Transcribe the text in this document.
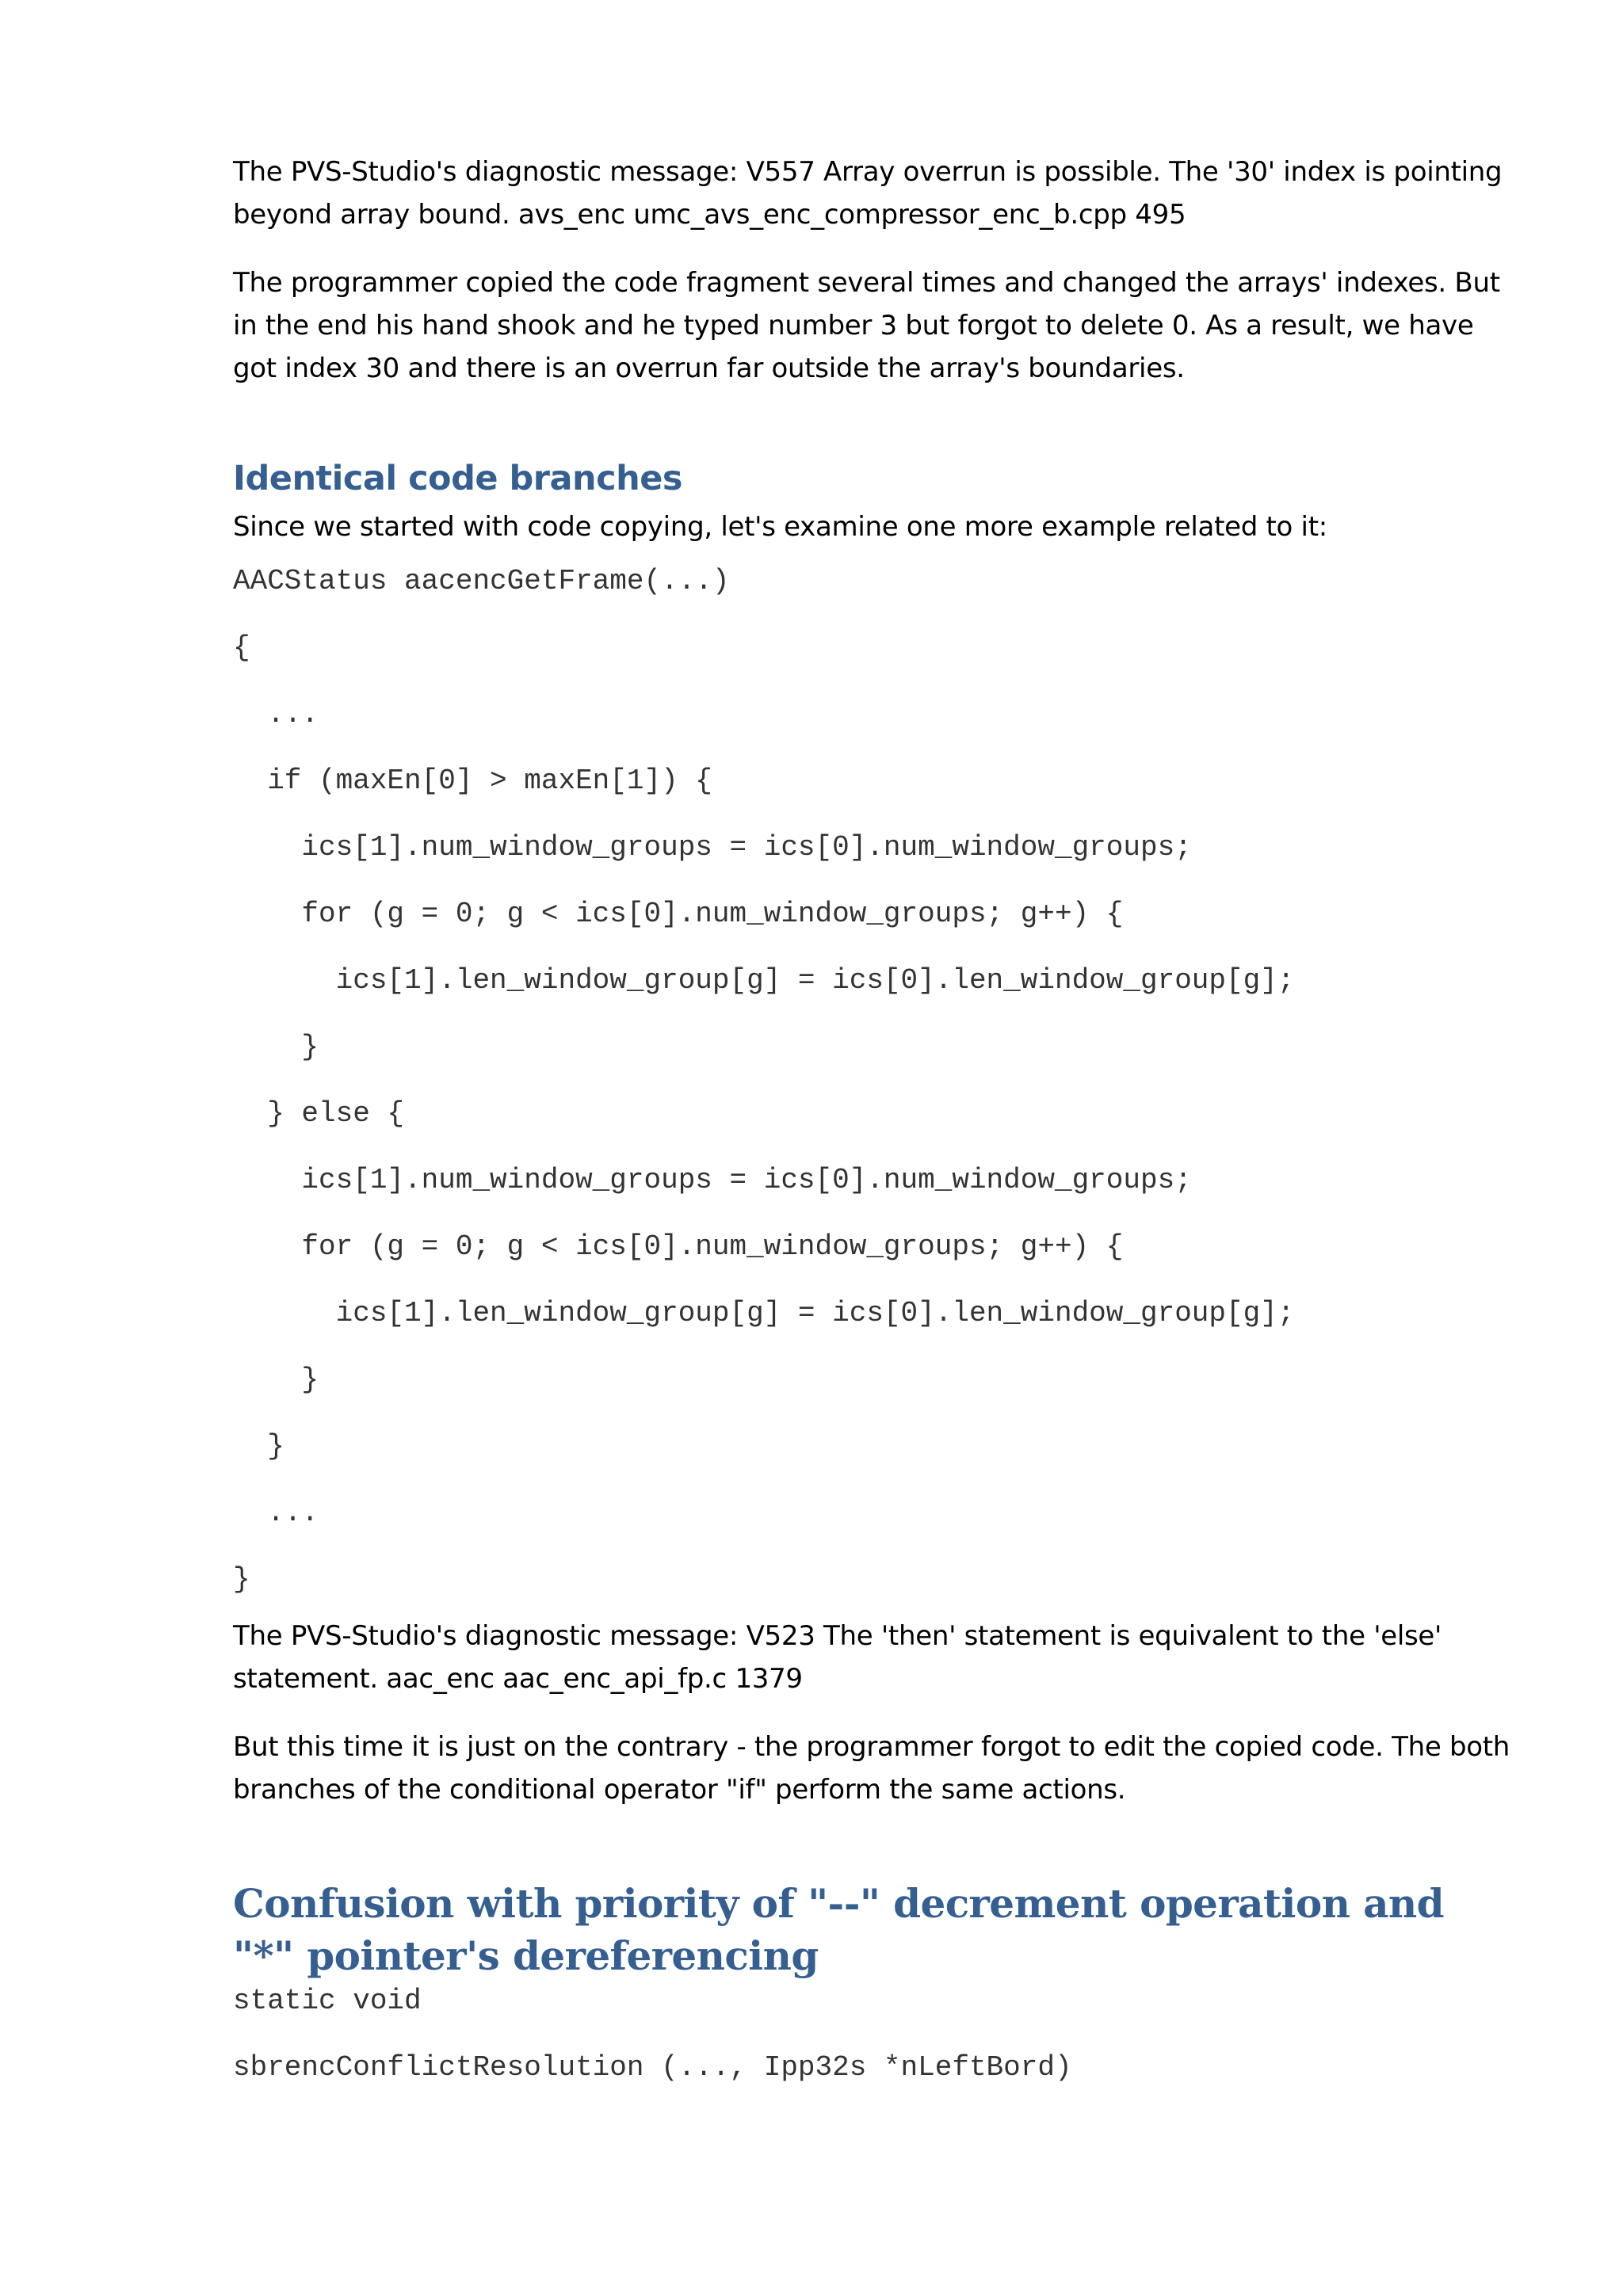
The PVS-Studio's diagnostic message: V557 Array overrun is possible. The '30' index is pointing beyond array bound. avs_enc umc_avs_enc_compressor_enc_b.cpp 495

The programmer copied the code fragment several times and changed the arrays' indexes. But in the end his hand shook and he typed number 3 but forgot to delete 0. As a result, we have got index 30 and there is an overrun far outside the array's boundaries.

Identical code branches

Since we started with code copying, let's examine one more example related to it:

AACStatus aacencGetFrame(...)
{
...
if (maxEn[0] > maxEn[1]) {
ics[1].num_window_groups = ics[0].num_window_groups;
for (g = 0; g < ics[0].num_window_groups; g++) {
ics[1].len_window_group[g] = ics[0].len_window_group[g];
}
} else {
ics[1].num_window_groups = ics[0].num_window_groups;
for (g = 0; g < ics[0].num_window_groups; g++) {
ics[1].len_window_group[g] = ics[0].len_window_group[g];
}
}
...
}

The PVS-Studio's diagnostic message: V523 The 'then' statement is equivalent to the 'else' statement. aac_enc aac_enc_api_fp.c 1379

But this time it is just on the contrary - the programmer forgot to edit the copied code. The both branches of the conditional operator "if" perform the same actions.

Confusion with priority of "--" decrement operation and "*" pointer's dereferencing
static void
sbrencConflictResolution (..., Ipp32s *nLeftBord)
